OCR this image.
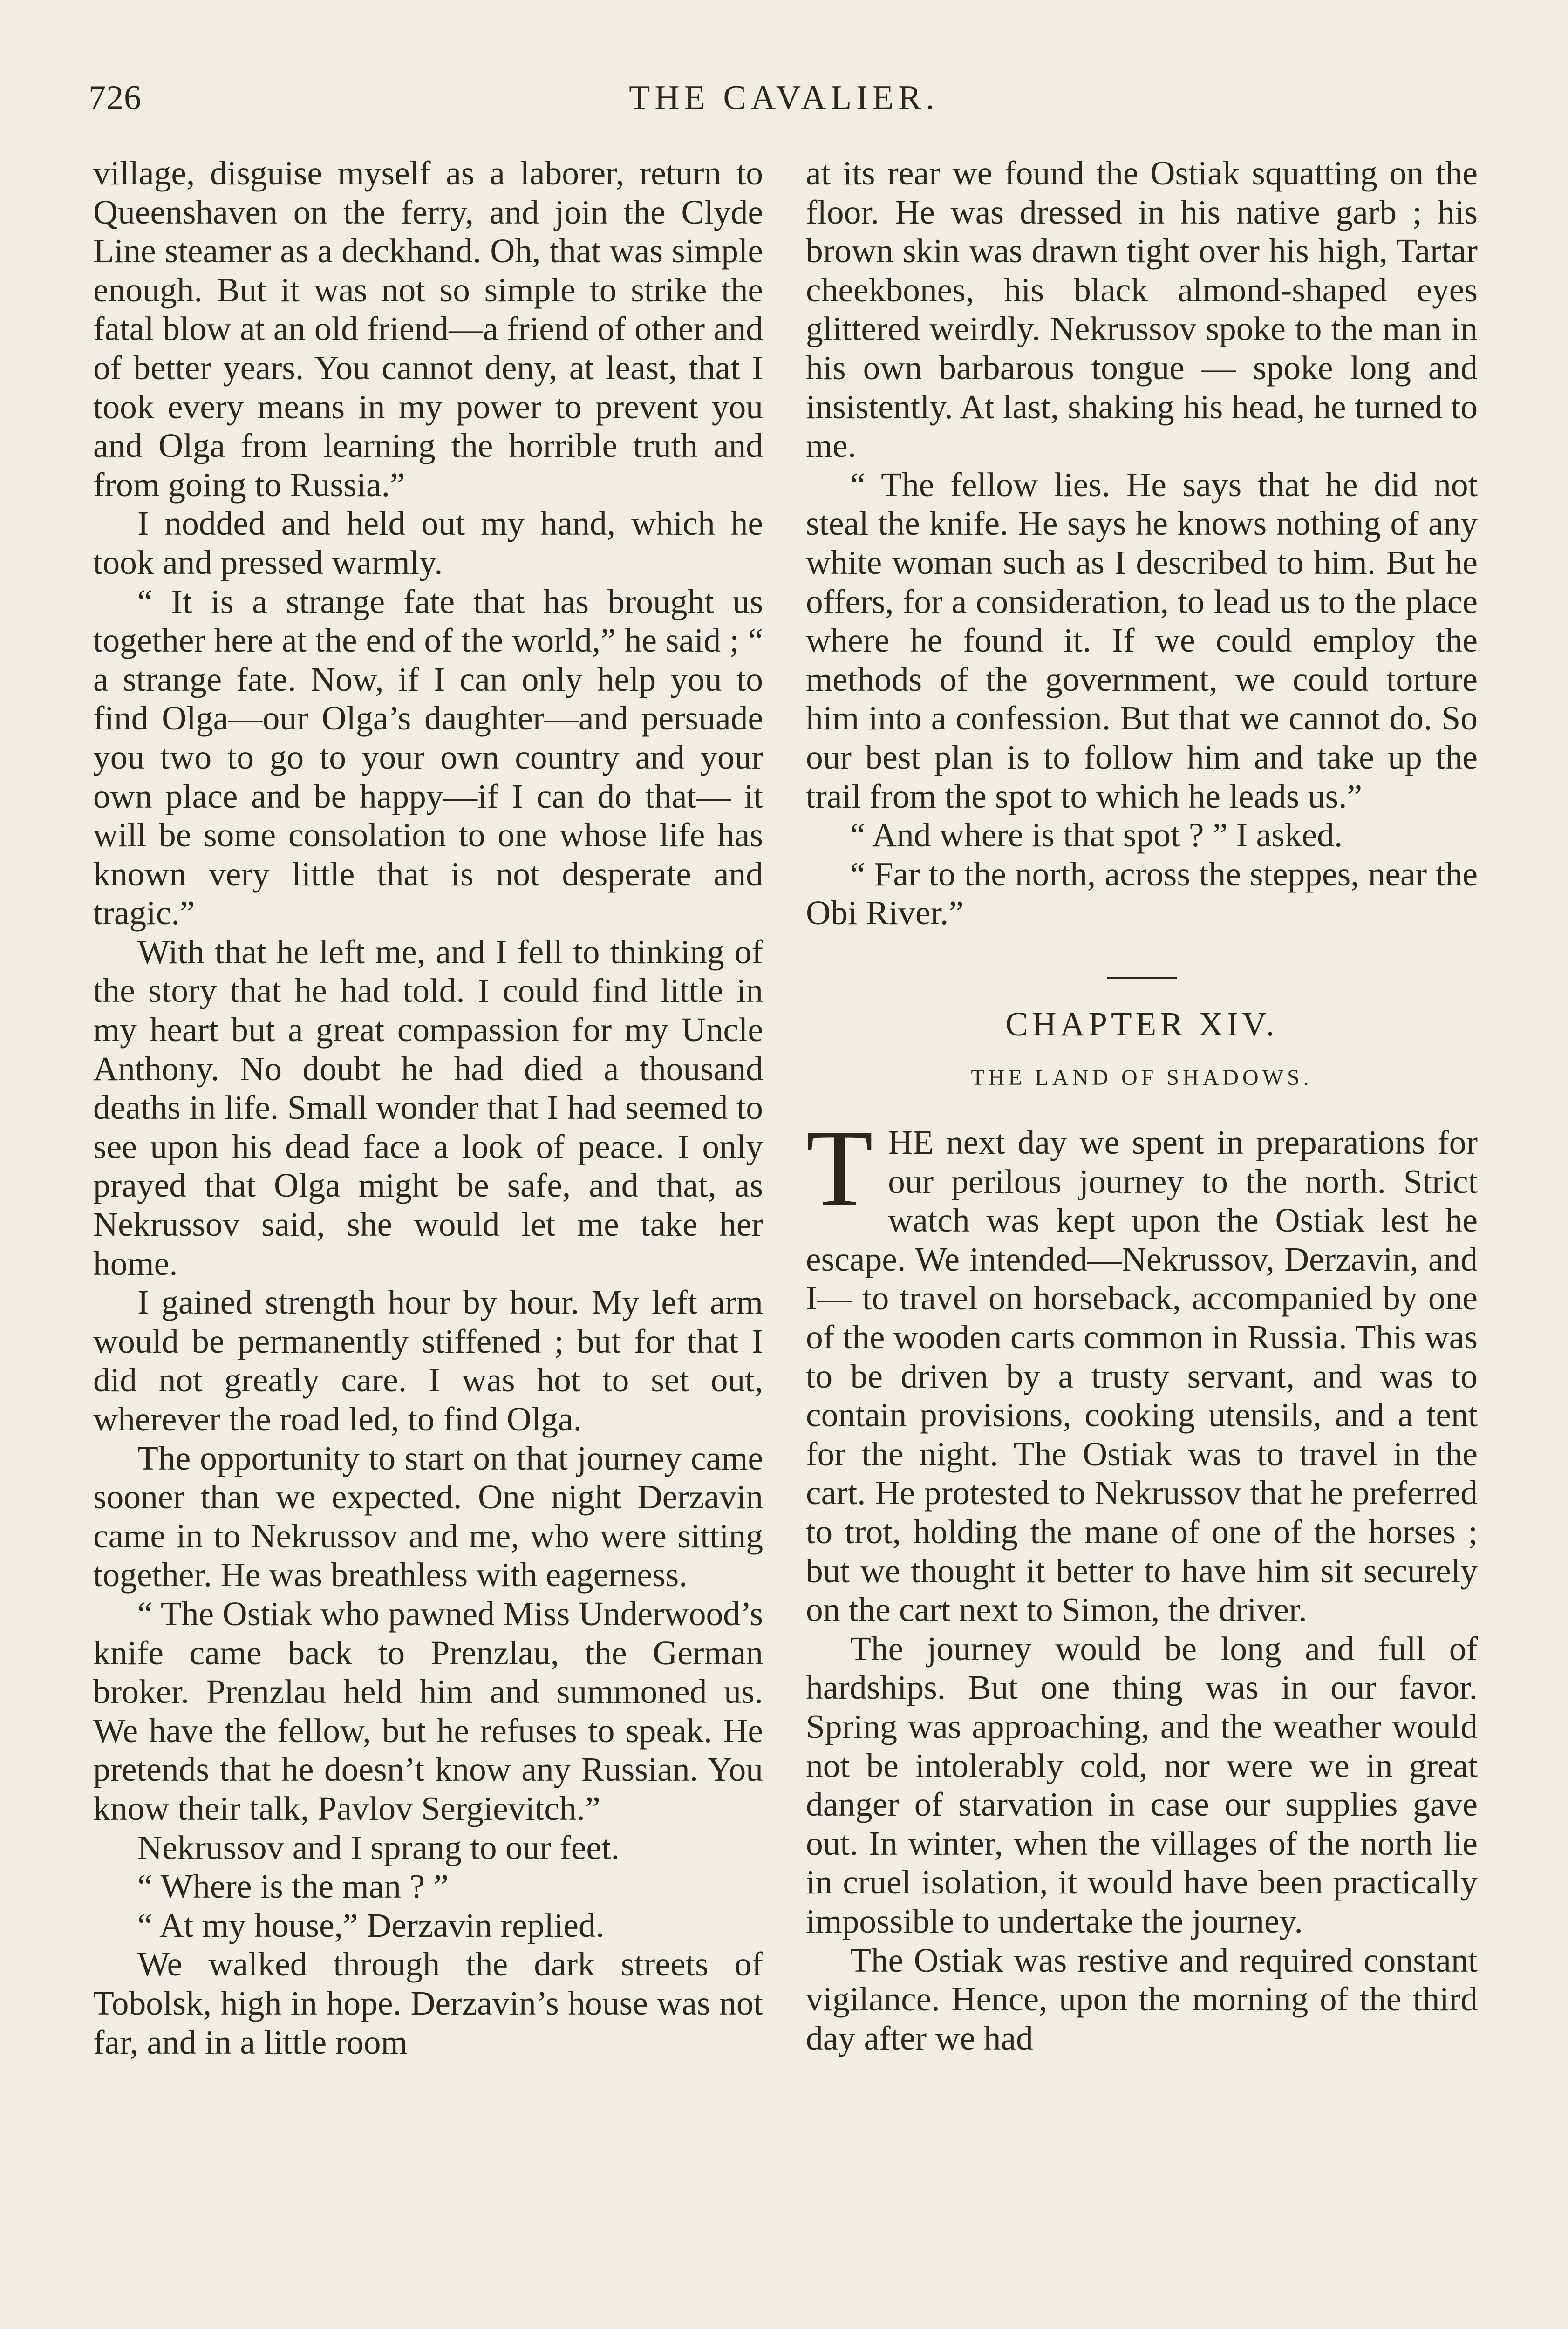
726	THE CAVALIER.

village, disguise myself as a laborer, return to Queenshaven on the ferry, and join the Clyde Line steamer as a deckhand. Oh, that was simple enough. But it was not so simple to strike the fatal blow at an old friend—a friend of other and of better years. You cannot deny, at least, that I took every means in my power to prevent you and Olga from learning the horrible truth and from going to Russia.”

I nodded and held out my hand, which he took and pressed warmly.

“ It is a strange fate that has brought us together here at the end of the world,” he said ; “ a strange fate. Now, if I can only help you to find Olga—our Olga’s daughter—and persuade you two to go to your own country and your own place and be happy—if I can do that— it will be some consolation to one whose life has known very little that is not desperate and tragic.”

With that he left me, and I fell to thinking of the story that he had told. I could find little in my heart but a great compassion for my Uncle Anthony. No doubt he had died a thousand deaths in life. Small wonder that I had seemed to see upon his dead face a look of peace. I only prayed that Olga might be safe, and that, as Nekrussov said, she would let me take her home.

I gained strength hour by hour. My left arm would be permanently stiffened ; but for that I did not greatly care. I was hot to set out, wherever the road led, to find Olga.

The opportunity to start on that journey came sooner than we expected. One night Derzavin came in to Nekrussov and me, who were sitting together. He was breathless with eagerness.

“ The Ostiak who pawned Miss Underwood’s knife came back to Prenzlau, the German broker. Prenzlau held him and summoned us. We have the fellow, but he refuses to speak. He pretends that he doesn’t know any Russian. You know their talk, Pavlov Sergievitch.”

Nekrussov and I sprang to our feet.

“ Where is the man ? ”

“ At my house,” Derzavin replied.

We walked through the dark streets of Tobolsk, high in hope. Derzavin’s house was not far, and in a little room

at its rear we found the Ostiak squatting on the floor. He was dressed in his native garb ; his brown skin was drawn tight over his high, Tartar cheekbones, his black almond-shaped eyes glittered weirdly. Nekrussov spoke to the man in his own barbarous tongue — spoke long and insistently. At last, shaking his head, he turned to me.

“ The fellow lies. He says that he did not steal the knife. He says he knows nothing of any white woman such as I described to him. But he offers, for a consideration, to lead us to the place where he found it. If we could employ the methods of the government, we could torture him into a confession. But that we cannot do. So our best plan is to follow him and take up the trail from the spot to which he leads us.”

“ And where is that spot ? ” I asked.

“ Far to the north, across the steppes, near the Obi River.”

CHAPTER XIV.
THE LAND OF SHADOWS.

THE next day we spent in preparations for our perilous journey to the north. Strict watch was kept upon the Ostiak lest he escape. We intended—Nekrussov, Derzavin, and I— to travel on horseback, accompanied by one of the wooden carts common in Russia. This was to be driven by a trusty servant, and was to contain provisions, cooking utensils, and a tent for the night. The Ostiak was to travel in the cart. He protested to Nekrussov that he preferred to trot, holding the mane of one of the horses ; but we thought it better to have him sit securely on the cart next to Simon, the driver.

The journey would be long and full of hardships. But one thing was in our favor. Spring was approaching, and the weather would not be intolerably cold, nor were we in great danger of starvation in case our supplies gave out. In winter, when the villages of the north lie in cruel isolation, it would have been practically impossible to undertake the journey.

The Ostiak was restive and required constant vigilance. Hence, upon the morning of the third day after we had
